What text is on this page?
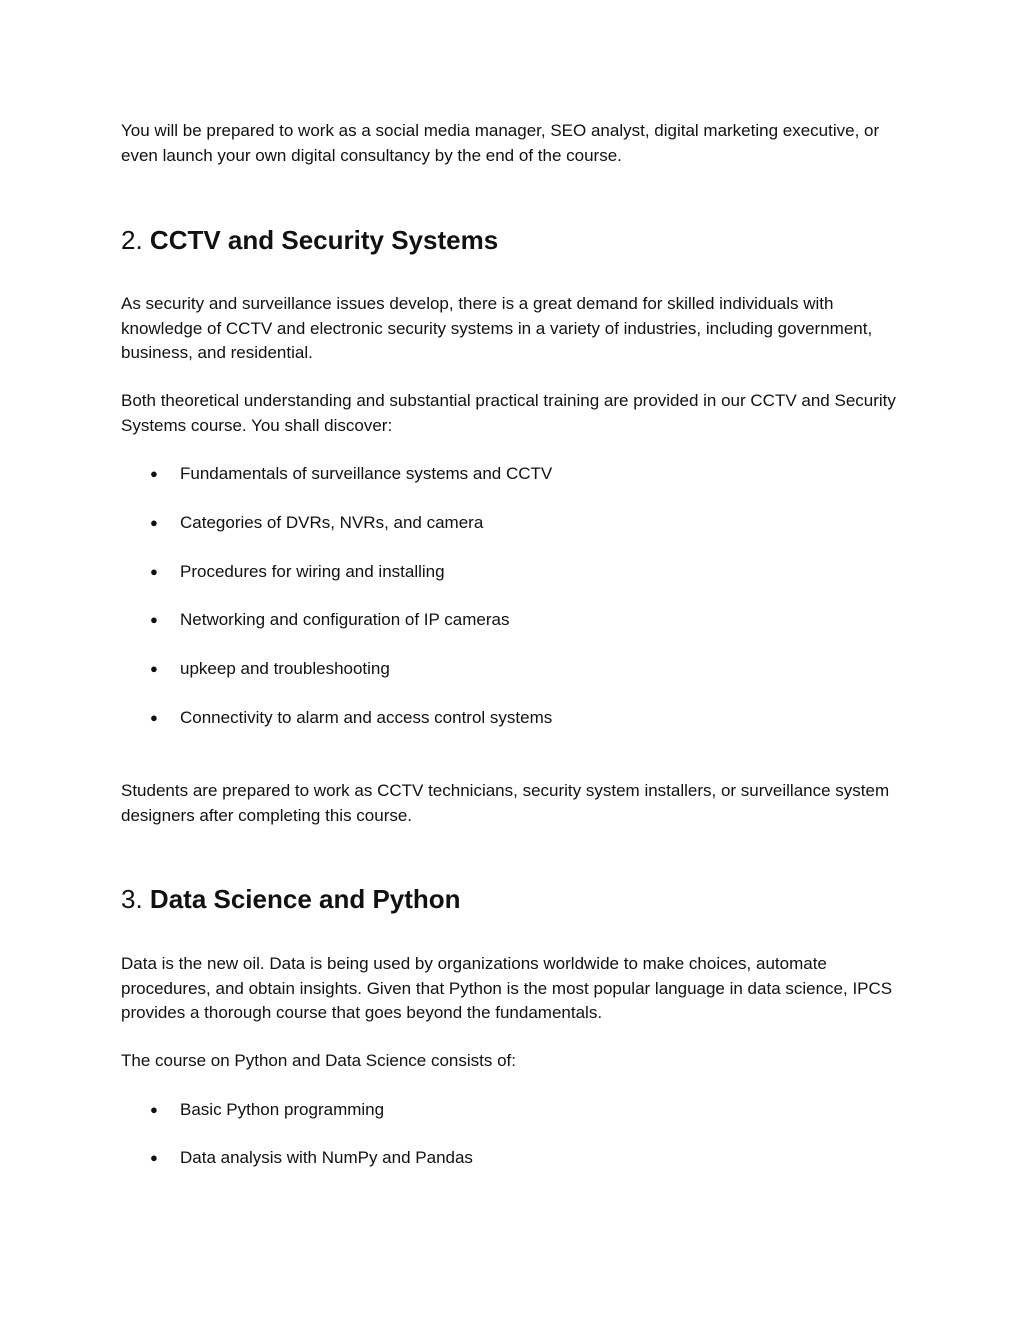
You will be prepared to work as a social media manager, SEO analyst, digital marketing executive, or even launch your own digital consultancy by the end of the course.

2. CCTV and Security Systems

As security and surveillance issues develop, there is a great demand for skilled individuals with knowledge of CCTV and electronic security systems in a variety of industries, including government, business, and residential.

Both theoretical understanding and substantial practical training are provided in our CCTV and Security Systems course. You shall discover:

● Fundamentals of surveillance systems and CCTV
● Categories of DVRs, NVRs, and camera
● Procedures for wiring and installing
● Networking and configuration of IP cameras
● upkeep and troubleshooting
● Connectivity to alarm and access control systems

Students are prepared to work as CCTV technicians, security system installers, or surveillance system designers after completing this course.

3. Data Science and Python

Data is the new oil. Data is being used by organizations worldwide to make choices, automate procedures, and obtain insights. Given that Python is the most popular language in data science, IPCS provides a thorough course that goes beyond the fundamentals.

The course on Python and Data Science consists of:

● Basic Python programming
● Data analysis with NumPy and Pandas
